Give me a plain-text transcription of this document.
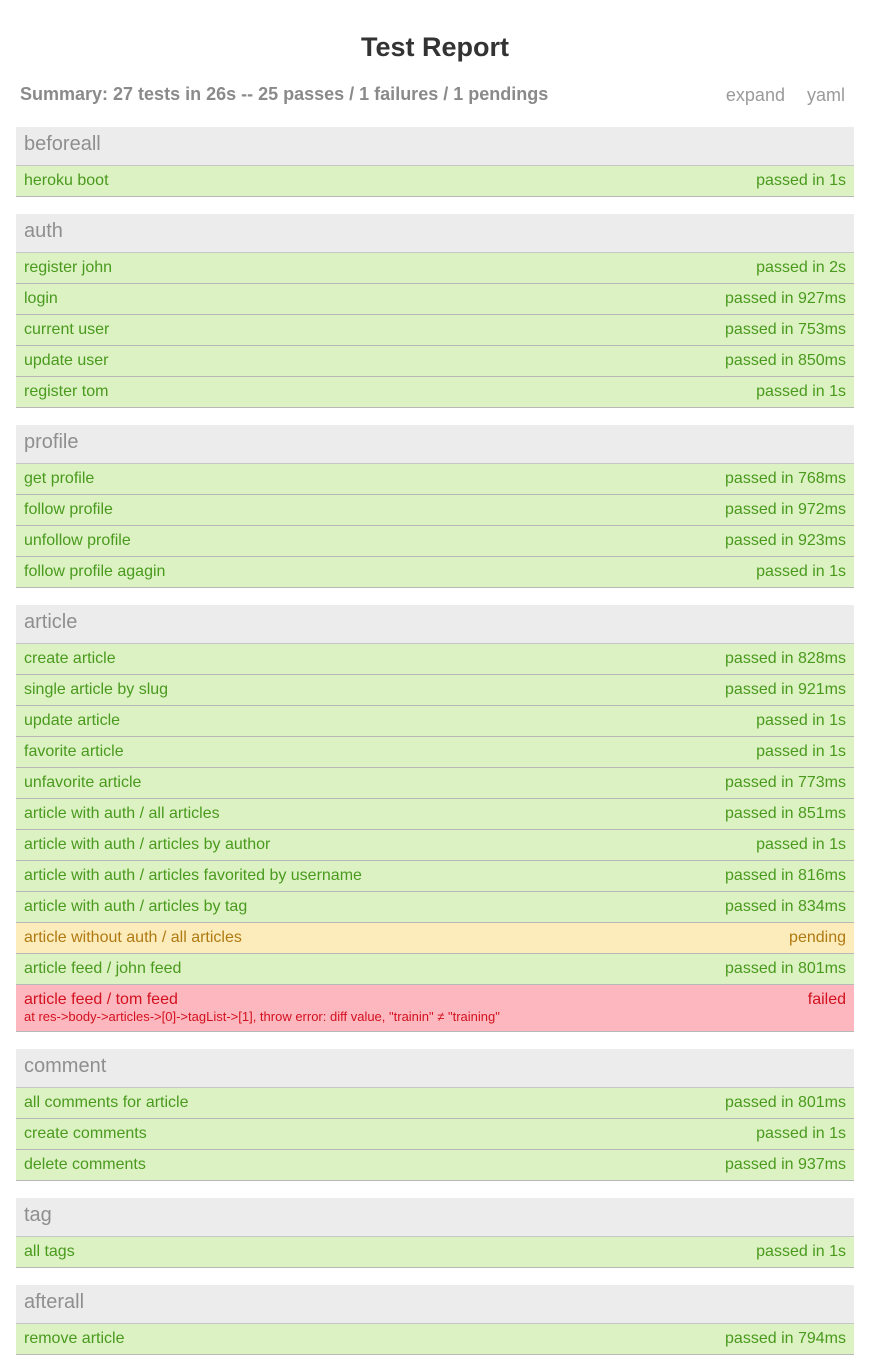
Test Report
Summary: 27 tests in 26s -- 25 passes / 1 failures / 1 pendings	expand yaml
beforeall
heroku boot	passed in 1s
auth
register john	passed in 2s
login	passed in 927ms
current user	passed in 753ms
update user	passed in 850ms
register tom	passed in 1s
profile
get profile	passed in 768ms
follow profile	passed in 972ms
unfollow profile	passed in 923ms
follow profile agagin	passed in 1s
article
create article	passed in 828ms
single article by slug	passed in 921ms
update article	passed in 1s
favorite article	passed in 1s
unfavorite article	passed in 773ms
article with auth / all articles	passed in 851ms
article with auth / articles by author	passed in 1s
article with auth / articles favorited by username	passed in 816ms
article with auth / articles by tag	passed in 834ms
article without auth / all articles	pending
article feed / john feed	passed in 801ms
article feed / tom feed	failed
at res->body->articles->[0]->tagList->[1], throw error: diff value, "trainin" ≠ "training"
comment
all comments for article	passed in 801ms
create comments	passed in 1s
delete comments	passed in 937ms
tag
all tags	passed in 1s
afterall
remove article	passed in 794ms
